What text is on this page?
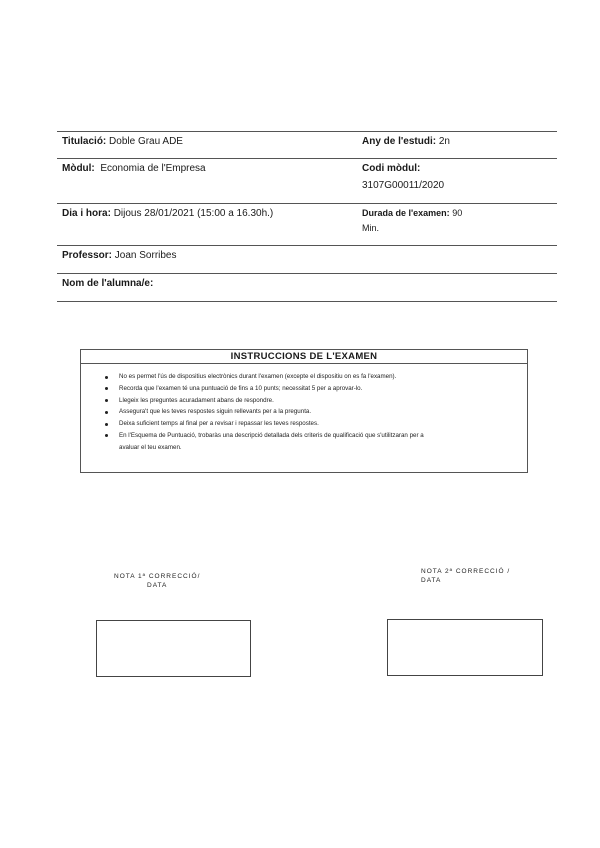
Titulació: Doble Grau ADE	Any de l'estudi: 2n
Mòdul: Economia de l'Empresa	Codi mòdul:
3107G00011/2020
Dia i hora: Dijous 28/01/2021 (15:00 a 16.30h.)	Durada de l'examen: 90
Min.
Professor: Joan Sorribes
Nom de l'alumna/e:
INSTRUCCIONS DE L'EXAMEN
No es permet l'ús de dispositius electrònics durant l'examen (excepte el dispositiu on es fa l'examen).
Recorda que l'examen té una puntuació de fins a 10 punts; necessitat 5 per a aprovar-lo.
Llegeix les preguntes acuradament abans de respondre.
Assegura't que les teves respostes siguin rellevants per a la pregunta.
Deixa suficient temps al final per a revisar i repassar les teves respostes.
En l'Esquema de Puntuació, trobaràs una descripció detallada dels criteris de qualificació que s'utilitzaran per a
avaluar el teu examen.
NOTA 1ª CORRECCIÓ/
DATA
NOTA 2ª CORRECCIÓ /
DATA
